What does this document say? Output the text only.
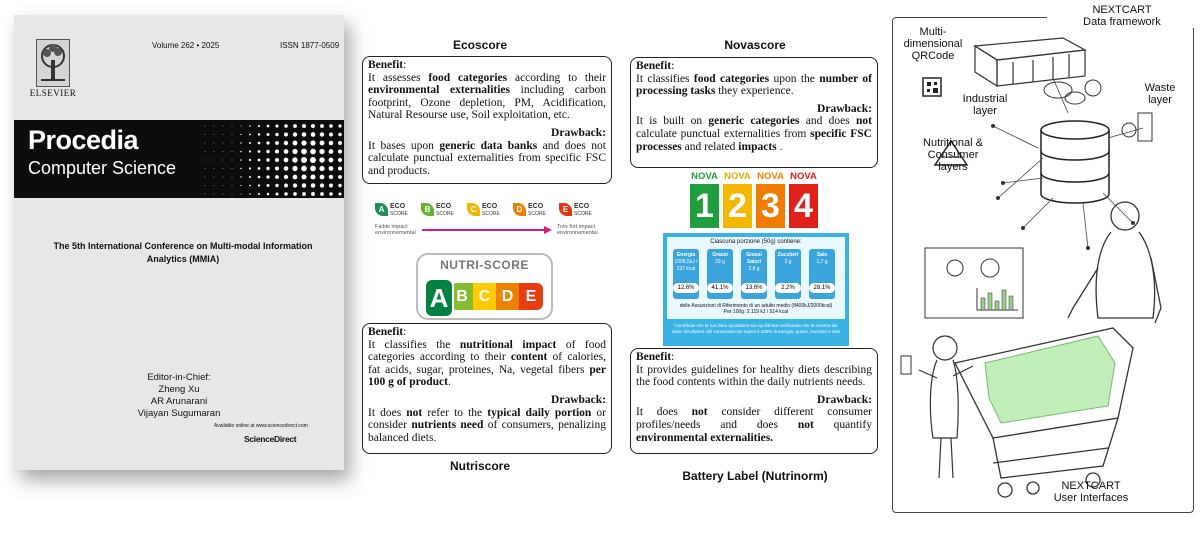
ELSEVIER
Volume 262 • 2025	ISSN 1877-0509
Procedia
Computer Science
The 5th International Conference on Multi-modal Information
Analytics (MMIA)
Editor-in-Chief:
Zheng Xu
AR Arunarani
Vijayan Sugumaran
Available online at www.sciencedirect.com
ScienceDirect
Ecoscore
Benefit:
It assesses food categories according to their environmental externalities including carbon footprint, Ozone depletion, PM, Acidification, Natural Resourse use, Soil exploitation, etc.
Drawback:
It bases upon generic data banks and does not calculate punctual externalities from specific FSC and products.
A ECO
SCORE	B ECO
SCORE	C ECO
SCORE	D ECO
SCORE	E ECO
SCORE
Faible impact
environnemental
Très fort impact
environnemental
NUTRI-SCORE
A B C D E
Benefit:
It classifies the nutritional impact of food categories according to their content of calories, fat acids, sugar, proteines, Na, vegetal fibers per 100 g of product.
Drawback:
It does not refer to the typical daily portion or consider nutrients need of consumers, penalizing balanced diets.
Nutriscore
Novascore
Benefit:
It classifies food categories upon the number of processing tasks they experience.
Drawback:
It is built on generic categories and does not calculate punctual externalities from specific FSC processes and related impacts .
NOVA
1
NOVA
2
NOVA
3
NOVA
4
Ciascuna porzione (50g) contiene:
Energia
1008,5kJ / 237 kcal
12,6%
Grassi
29 g
41,1%
Grassi Saturi
2,8 g
13,6%
Zuccheri
2 g
2,2%
Sale
1,7 g
28,1%
delle Assunzioni di Riferimento di un adulto medio (8400kJ/2000kcal)
Per 100g: 2.119 kJ / 514 kcal
Contribute che la tua dieta quotidiana sia equilibrata verificando che la somma dei valori dei diversi cibi consumati non superi il 100% di energia, grassi, zuccheri e sale
Benefit:
It provides guidelines for healthy diets describing the food contents within the daily nutrients needs.
Drawback:
It does not consider different consumer profiles/needs and does not quantify environmental externalities.
Battery Label (Nutrinorm)
NEXTCART
Data framework
Multi-
dimensional
QRCode
Industrial
layer
Waste
layer
Nutritional &
Consumer
layers
NEXTCART
User Interfaces
